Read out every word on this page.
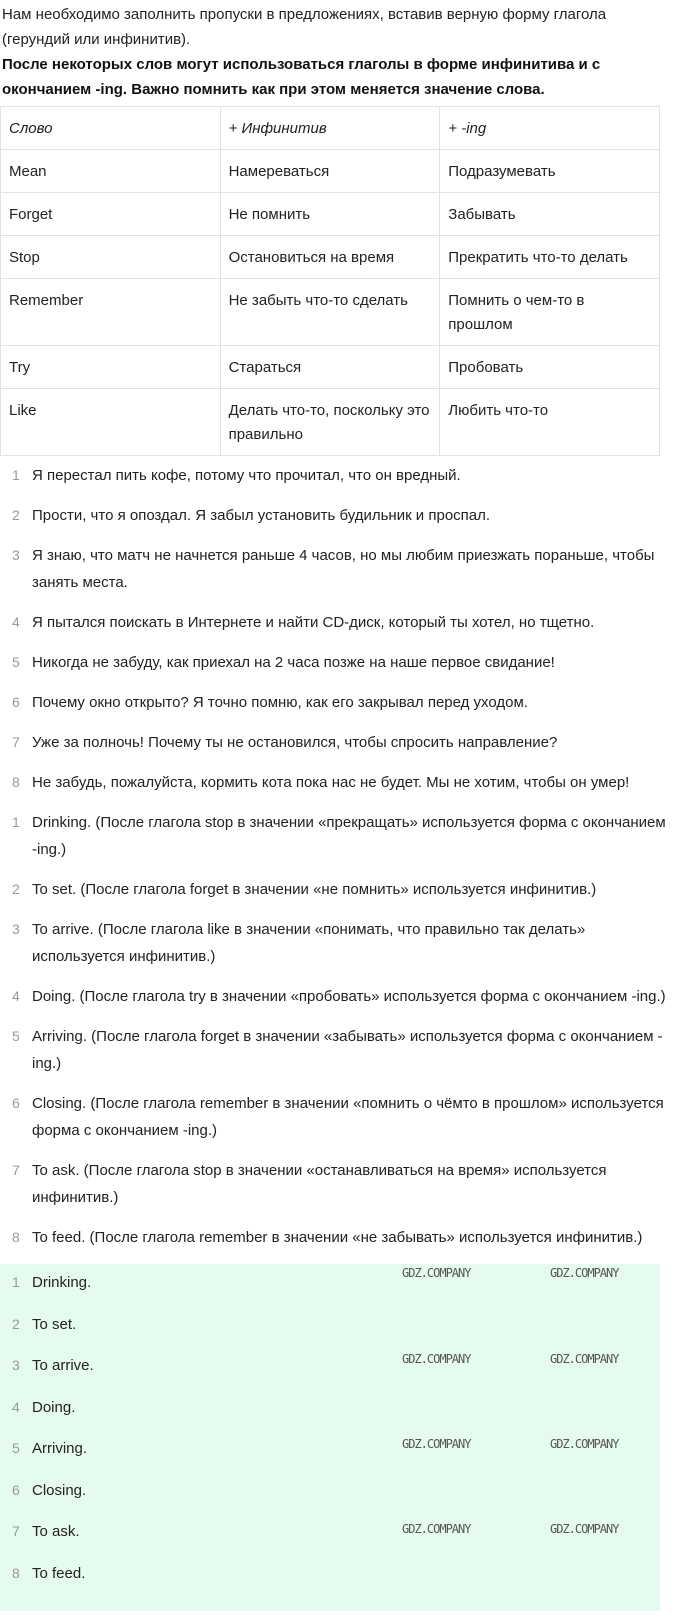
Нам необходимо заполнить пропуски в предложениях, вставив верную форму глагола (герундий или инфинитив).

После некоторых слов могут использоваться глаголы в форме инфинитива и с окончанием -ing. Важно помнить как при этом меняется значение слова.

Слово	+ Инфинитив	+ -ing
Mean	Намереваться	Подразумевать
Forget	Не помнить	Забывать
Stop	Остановиться на время	Прекратить что-то делать
Remember	Не забыть что-то сделать	Помнить о чем-то в прошлом
Try	Стараться	Пробовать
Like	Делать что-то, поскольку это правильно	Любить что-то
1 Я перестал пить кофе, потому что прочитал, что он вредный.
2 Прости, что я опоздал. Я забыл установить будильник и проспал.
3 Я знаю, что матч не начнется раньше 4 часов, но мы любим приезжать пораньше, чтобы занять места.
4 Я пытался поискать в Интернете и найти CD-диск, который ты хотел, но тщетно.
5 Никогда не забуду, как приехал на 2 часа позже на наше первое свидание!
6 Почему окно открыто? Я точно помню, как его закрывал перед уходом.
7 Уже за полночь! Почему ты не остановился, чтобы спросить направление?
8 Не забудь, пожалуйста, кормить кота пока нас не будет. Мы не хотим, чтобы он умер!
1 Drinking. (После глагола stop в значении «прекращать» используется форма с окончанием -ing.)
2 To set. (После глагола forget в значении «не помнить» используется инфинитив.)
3 To arrive. (После глагола like в значении «понимать, что правильно так делать» используется инфинитив.)
4 Doing. (После глагола try в значении «пробовать» используется форма с окончанием -ing.)
5 Arriving. (После глагола forget в значении «забывать» используется форма с окончанием -ing.)
6 Closing. (После глагола remember в значении «помнить о чёмто в прошлом» используется форма с окончанием -ing.)
7 To ask. (После глагола stop в значении «останавливаться на время» используется инфинитив.)
8 To feed. (После глагола remember в значении «не забывать» используется инфинитив.)
1 Drinking.
2 To set.
3 To arrive.
4 Doing.
5 Arriving.
6 Closing.
7 To ask.
8 To feed.
GDZ.COMPANY	GDZ.COMPANY
GDZ.COMPANY	GDZ.COMPANY
GDZ.COMPANY	GDZ.COMPANY
GDZ.COMPANY	GDZ.COMPANY
